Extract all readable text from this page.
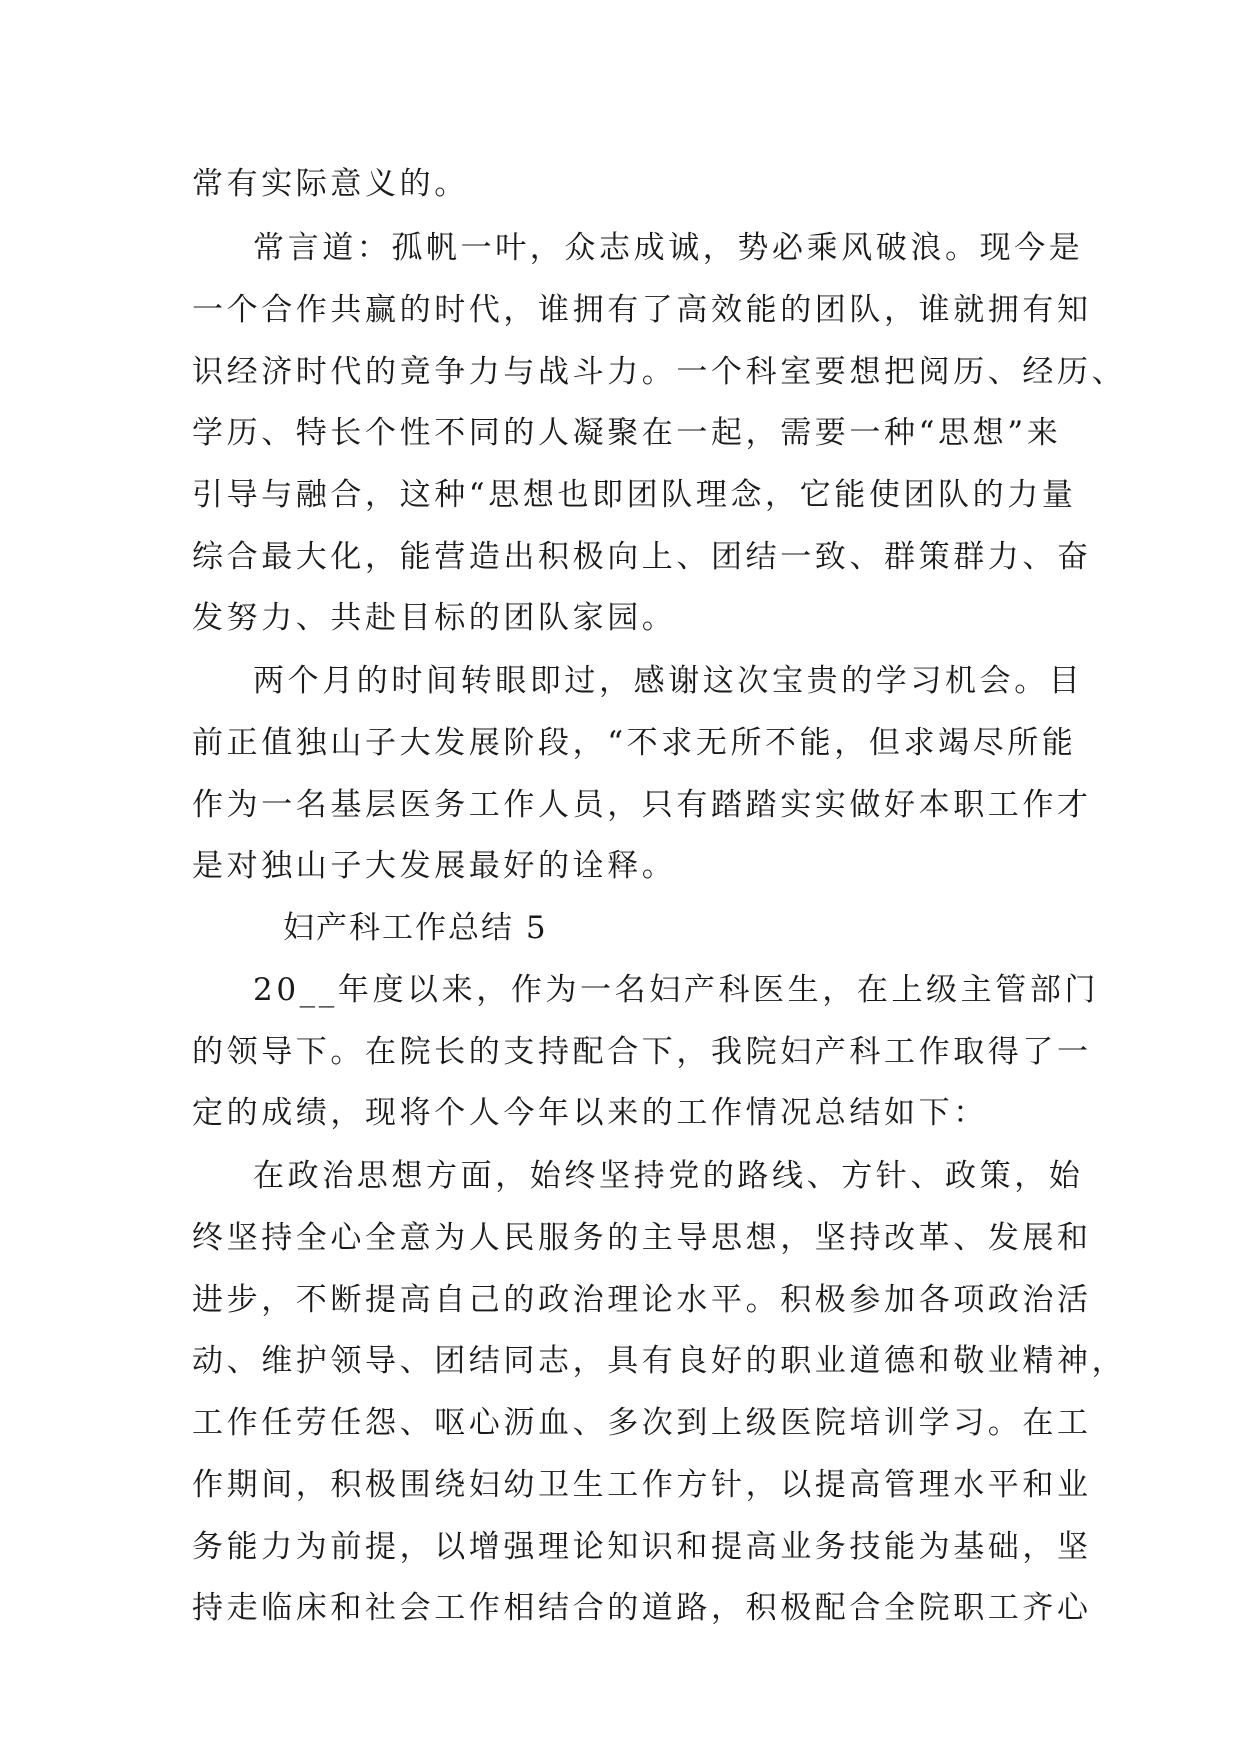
常有实际意义的。
常言道：孤帆一叶，众志成诚，势必乘风破浪。现今是
一个合作共赢的时代，谁拥有了高效能的团队，谁就拥有知
识经济时代的竟争力与战斗力。一个科室要想把阅历、经历、
学历、特长个性不同的人凝聚在一起，需要一种“思想”来
引导与融合，这种“思想也即团队理念，它能使团队的力量
综合最大化，能营造出积极向上、团结一致、群策群力、奋
发努力、共赴目标的团队家园。
两个月的时间转眼即过，感谢这次宝贵的学习机会。目
前正值独山子大发展阶段，“不求无所不能，但求竭尽所能
作为一名基层医务工作人员，只有踏踏实实做好本职工作才
是对独山子大发展最好的诠释。
妇产科工作总结 5
20__年度以来，作为一名妇产科医生，在上级主管部门
的领导下。在院长的支持配合下，我院妇产科工作取得了一
定的成绩，现将个人今年以来的工作情况总结如下：
在政治思想方面，始终坚持党的路线、方针、政策，始
终坚持全心全意为人民服务的主导思想，坚持改革、发展和
进步，不断提高自己的政治理论水平。积极参加各项政治活
动、维护领导、团结同志，具有良好的职业道德和敬业精神，
工作任劳任怨、呕心沥血、多次到上级医院培训学习。在工
作期间，积极围绕妇幼卫生工作方针，以提高管理水平和业
务能力为前提，以增强理论知识和提高业务技能为基础，坚
持走临床和社会工作相结合的道路，积极配合全院职工齐心
